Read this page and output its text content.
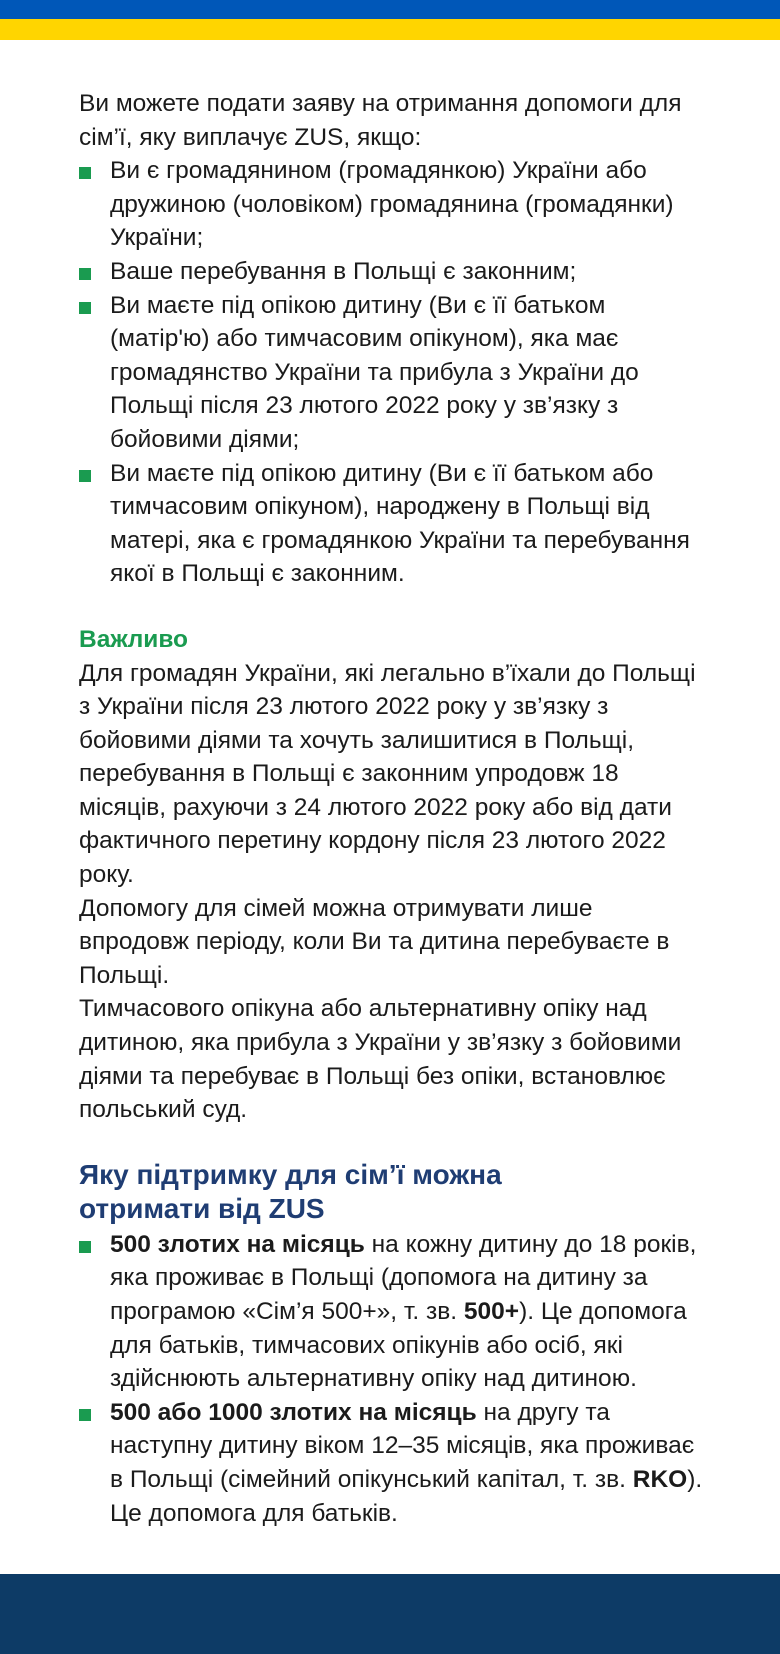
Ви можете подати заяву на отримання допомоги для сім’ї, яку виплачує ZUS, якщо:

Ви є громадянином (громадянкою) України або дружиною (чоловіком) громадянина (громадянки) України;
Ваше перебування в Польщі є законним;
Ви маєте під опікою дитину (Ви є її батьком (матір'ю) або тимчасовим опікуном), яка має громадянство України та прибула з України до Польщі після 23 лютого 2022 року у зв’язку з бойовими діями;
Ви маєте під опікою дитину (Ви є її батьком або тимчасовим опікуном), народжену в Польщі від матері, яка є громадянкою України та перебування якої в Польщі є законним.

Важливо

Для громадян України, які легально в’їхали до Польщі з України після 23 лютого 2022 року у зв’язку з бойовими діями та хочуть залишитися в Польщі, перебування в Польщі є законним упродовж 18 місяців, рахуючи з 24 лютого 2022 року або від дати фактичного перетину кордону після 23 лютого 2022 року.

Допомогу для сімей можна отримувати лише впродовж періоду, коли Ви та дитина перебуваєте в Польщі.

Тимчасового опікуна або альтернативну опіку над дитиною, яка прибула з України у зв’язку з бойовими діями та перебуває в Польщі без опіки, встановлює польський суд.

Яку підтримку для сім’ї можна
отримати від ZUS
500 злотих на місяць на кожну дитину до 18 років, яка проживає в Польщі (допомога на дитину за програмою «Сім’я 500+», т. зв. 500+). Це допомога для батьків, тимчасових опікунів або осіб, які здійснюють альтернативну опіку над дитиною.
500 або 1000 злотих на місяць на другу та наступну дитину віком 12–35 місяців, яка проживає в Польщі (сімейний опікунський капітал, т. зв. RKO). Це допомога для батьків.
